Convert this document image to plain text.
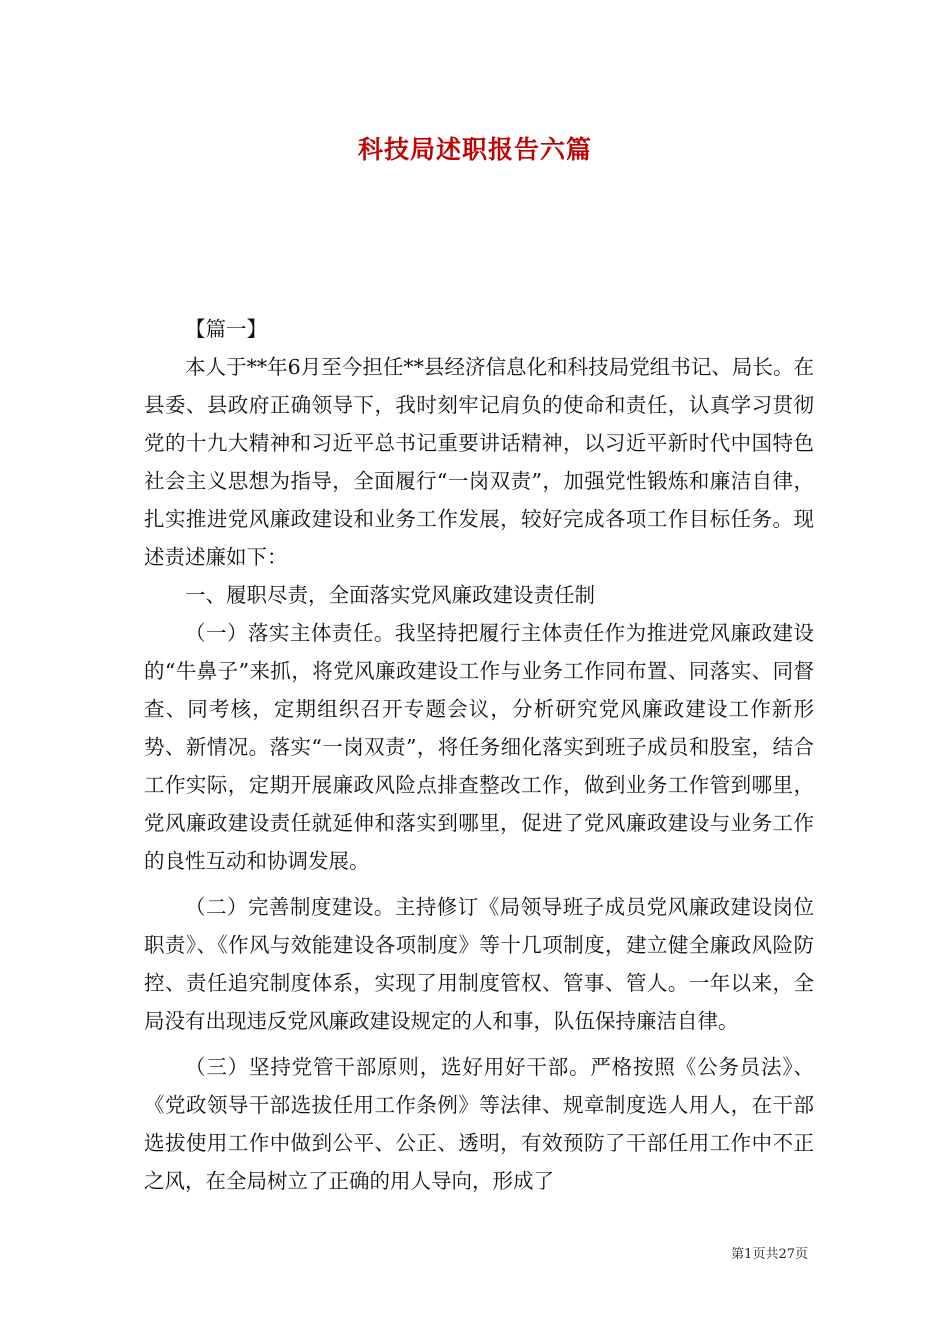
科技局述职报告六篇

【篇一】

本人于**年6月至今担任**县经济信息化和科技局党组书记、局长。在县委、县政府正确领导下，我时刻牢记肩负的使命和责任，认真学习贯彻党的十九大精神和习近平总书记重要讲话精神，以习近平新时代中国特色社会主义思想为指导，全面履行“一岗双责”，加强党性锻炼和廉洁自律，扎实推进党风廉政建设和业务工作发展，较好完成各项工作目标任务。现述责述廉如下：

一、履职尽责，全面落实党风廉政建设责任制

（一）落实主体责任。我坚持把履行主体责任作为推进党风廉政建设的“牛鼻子”来抓，将党风廉政建设工作与业务工作同布置、同落实、同督查、同考核，定期组织召开专题会议，分析研究党风廉政建设工作新形势、新情况。落实“一岗双责”，将任务细化落实到班子成员和股室，结合工作实际，定期开展廉政风险点排查整改工作，做到业务工作管到哪里，党风廉政建设责任就延伸和落实到哪里，促进了党风廉政建设与业务工作的良性互动和协调发展。

（二）完善制度建设。主持修订《局领导班子成员党风廉政建设岗位职责》、《作风与效能建设各项制度》等十几项制度，建立健全廉政风险防控、责任追究制度体系，实现了用制度管权、管事、管人。一年以来，全局没有出现违反党风廉政建设规定的人和事，队伍保持廉洁自律。

（三）坚持党管干部原则，选好用好干部。严格按照《公务员法》、《党政领导干部选拔任用工作条例》等法律、规章制度选人用人，在干部选拔使用工作中做到公平、公正、透明，有效预防了干部任用工作中不正之风，在全局树立了正确的用人导向，形成了

第1页共27页
